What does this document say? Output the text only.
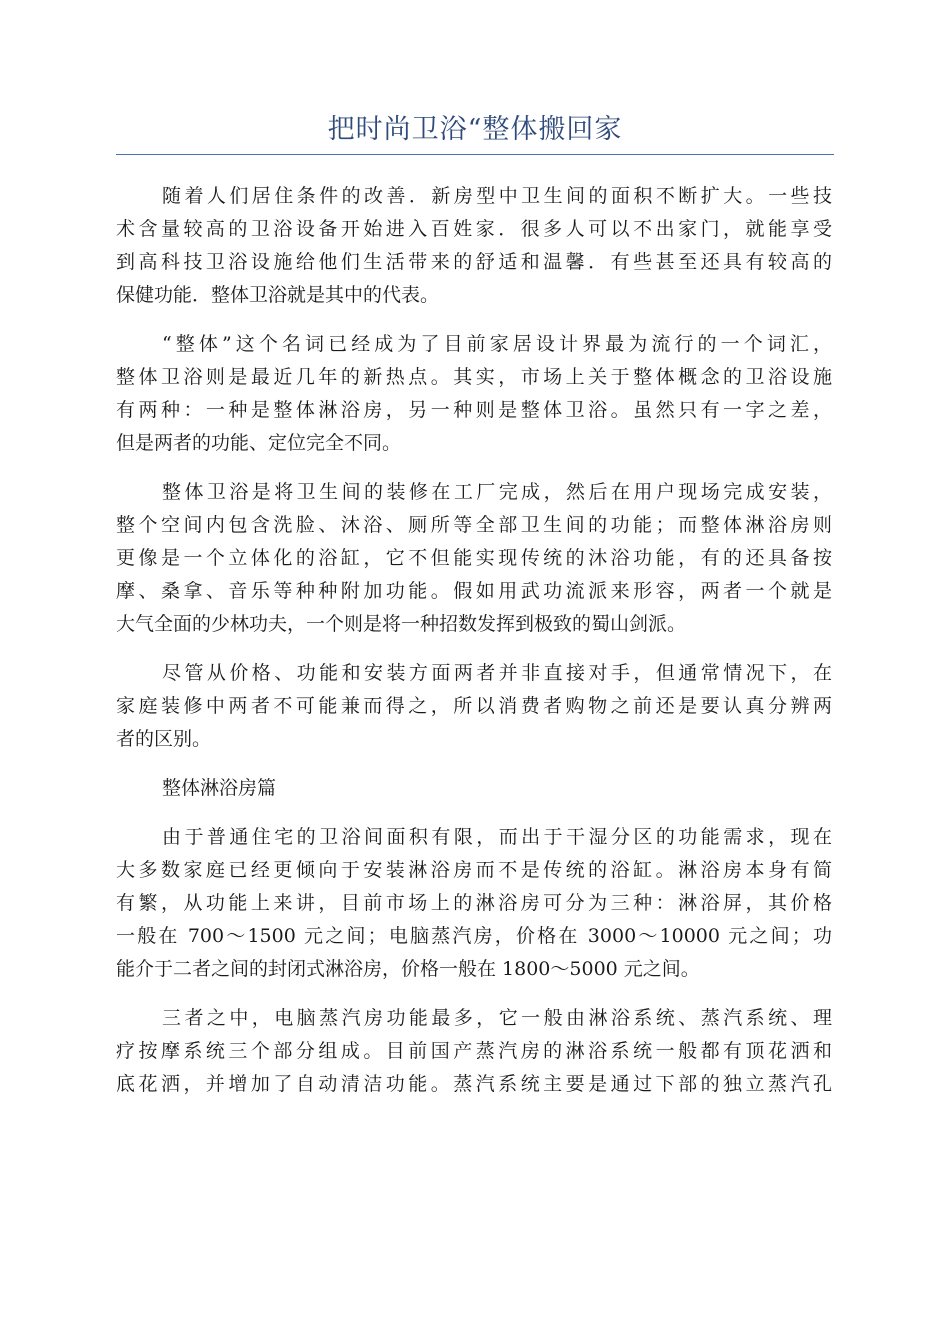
把时尚卫浴“整体搬回家
随着人们居住条件的改善．新房型中卫生间的面积不断扩大。一些技
术含量较高的卫浴设备开始进入百姓家．很多人可以不出家门，就能享受
到高科技卫浴设施给他们生活带来的舒适和温馨．有些甚至还具有较高的
保健功能．整体卫浴就是其中的代表。
“整体”这个名词已经成为了目前家居设计界最为流行的一个词汇，
整体卫浴则是最近几年的新热点。其实，市场上关于整体概念的卫浴设施
有两种：一种是整体淋浴房，另一种则是整体卫浴。虽然只有一字之差，
但是两者的功能、定位完全不同。
整体卫浴是将卫生间的装修在工厂完成，然后在用户现场完成安装，
整个空间内包含洗脸、沐浴、厕所等全部卫生间的功能；而整体淋浴房则
更像是一个立体化的浴缸，它不但能实现传统的沐浴功能，有的还具备按
摩、桑拿、音乐等种种附加功能。假如用武功流派来形容，两者一个就是
大气全面的少林功夫，一个则是将一种招数发挥到极致的蜀山剑派。
尽管从价格、功能和安装方面两者并非直接对手，但通常情况下，在
家庭装修中两者不可能兼而得之，所以消费者购物之前还是要认真分辨两
者的区别。
整体淋浴房篇
由于普通住宅的卫浴间面积有限，而出于干湿分区的功能需求，现在
大多数家庭已经更倾向于安装淋浴房而不是传统的浴缸。淋浴房本身有简
有繁，从功能上来讲，目前市场上的淋浴房可分为三种：淋浴屏，其价格
一般在 700～1500 元之间；电脑蒸汽房，价格在 3000～10000 元之间；功
能介于二者之间的封闭式淋浴房，价格一般在 1800～5000 元之间。
三者之中，电脑蒸汽房功能最多，它一般由淋浴系统、蒸汽系统、理
疗按摩系统三个部分组成。目前国产蒸汽房的淋浴系统一般都有顶花洒和
底花洒，并增加了自动清洁功能。蒸汽系统主要是通过下部的独立蒸汽孔
